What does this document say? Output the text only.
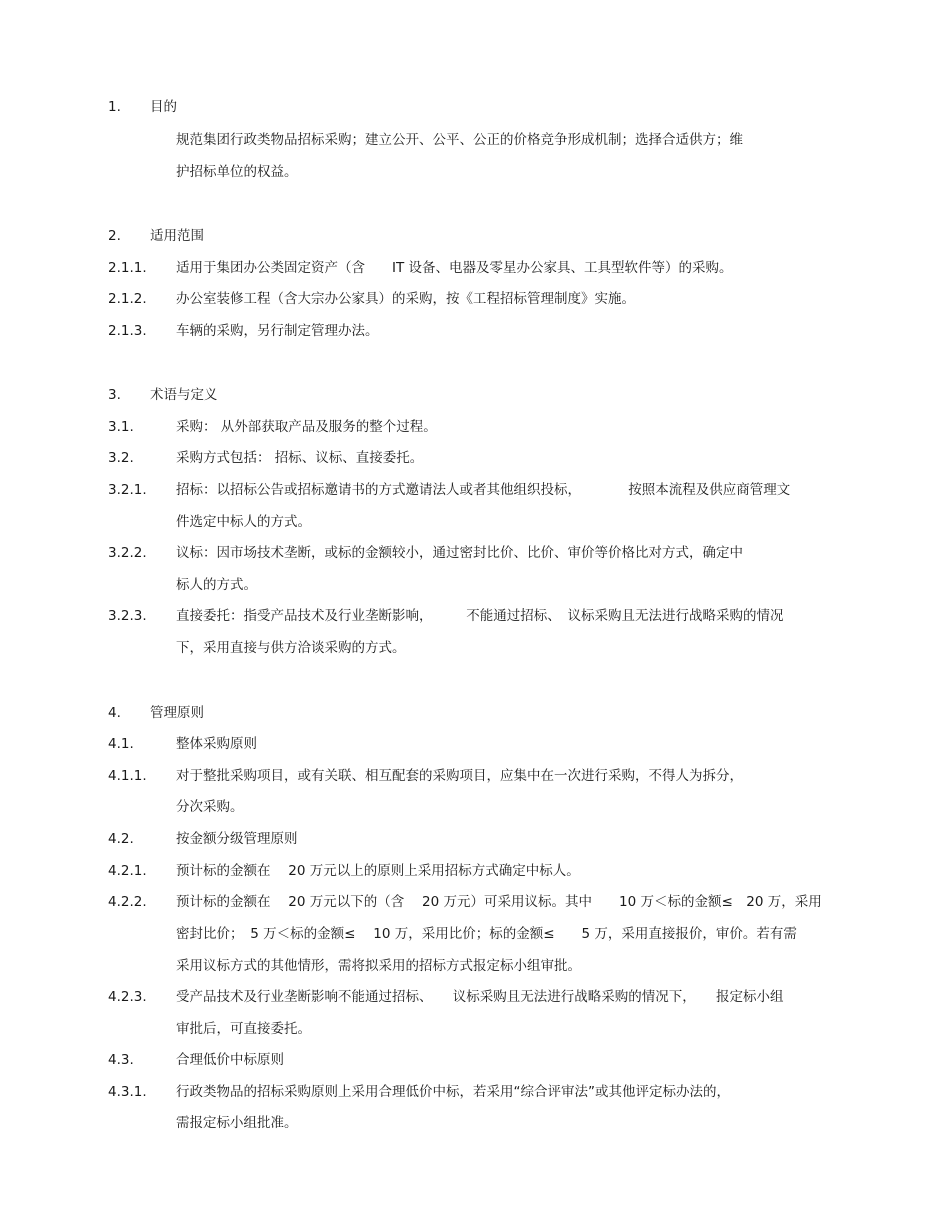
1. 目的
规范集团行政类物品招标采购；建立公开、公平、公正的价格竞争形成机制；选择合适供方；维
护招标单位的权益。
2. 适用范围
2.1.1. 适用于集团办公类固定资产（含　　IT 设备、电器及零星办公家具、工具型软件等）的采购。
2.1.2. 办公室装修工程（含大宗办公家具）的采购，按《工程招标管理制度》实施。
2.1.3. 车辆的采购，另行制定管理办法。
3. 术语与定义
3.1.	采购： 从外部获取产品及服务的整个过程。
3.2.	采购方式包括： 招标、议标、直接委托。
3.2.1. 招标：以招标公告或招标邀请书的方式邀请法人或者其他组织投标，　　　　按照本流程及供应商管理文
件选定中标人的方式。
3.2.2. 议标：因市场技术垄断，或标的金额较小，通过密封比价、比价、审价等价格比对方式，确定中
标人的方式。
3.2.3. 直接委托：指受产品技术及行业垄断影响，　　　不能通过招标、　议标采购且无法进行战略采购的情况
下，采用直接与供方洽谈采购的方式。
4. 管理原则
4.1.	整体采购原则
4.1.1. 对于整批采购项目，或有关联、相互配套的采购项目，应集中在一次进行采购，不得人为拆分，
分次采购。
4.2.	按金额分级管理原则
4.2.1. 预计标的金额在　 20 万元以上的原则上采用招标方式确定中标人。
4.2.2. 预计标的金额在　 20 万元以下的（含　 20 万元）可采用议标。其中　　10 万＜标的金额≤　20 万，采用
密封比价；　5 万＜标的金额≤　 10 万，采用比价；标的金额≤　　5 万，采用直接报价，审价。若有需
采用议标方式的其他情形，需将拟采用的招标方式报定标小组审批。
4.2.3. 受产品技术及行业垄断影响不能通过招标、　　议标采购且无法进行战略采购的情况下，　　报定标小组
审批后，可直接委托。
4.3.	合理低价中标原则
4.3.1. 行政类物品的招标采购原则上采用合理低价中标，若采用“综合评审法”或其他评定标办法的，
需报定标小组批准。
